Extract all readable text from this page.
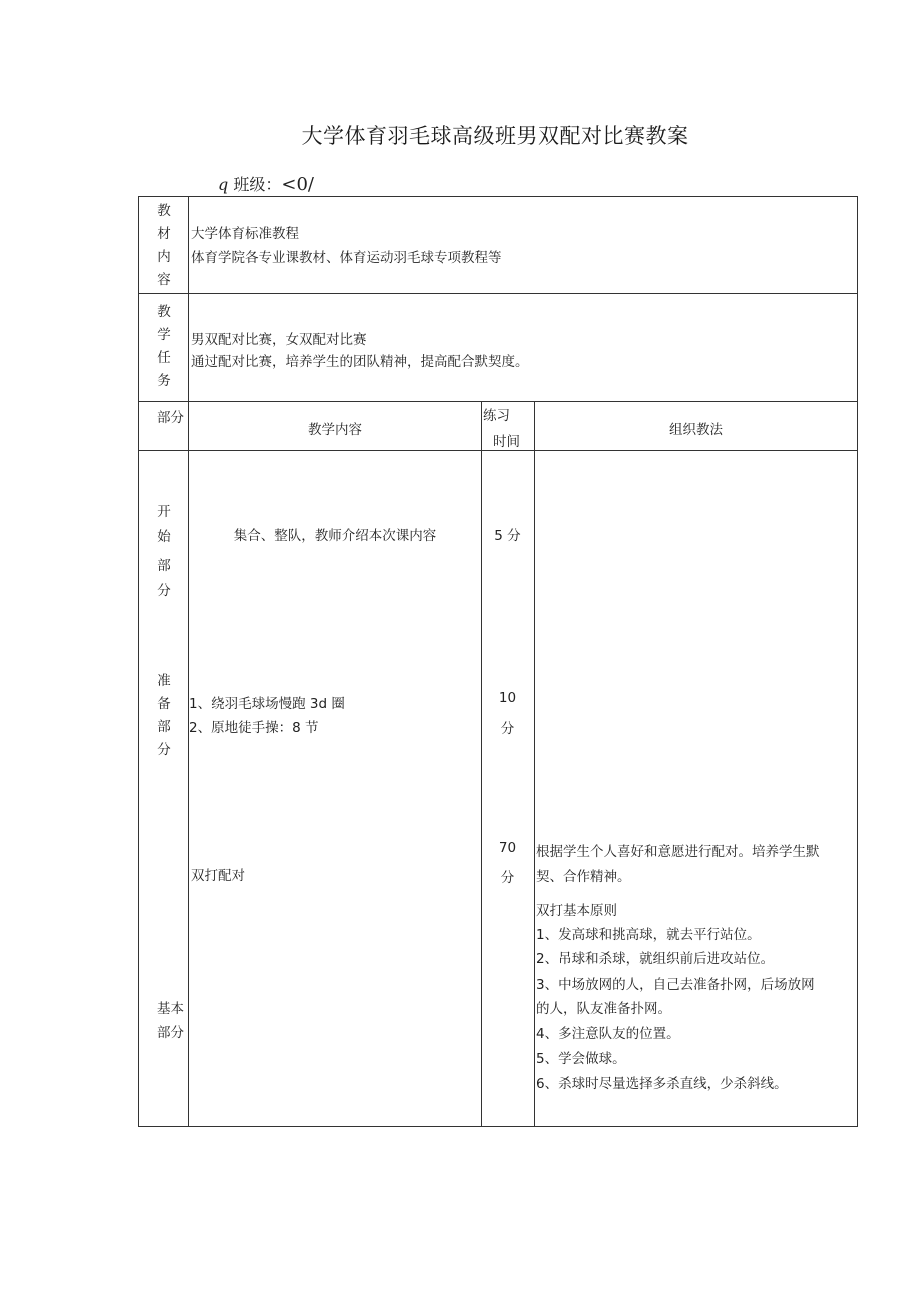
大学体育羽毛球高级班男双配对比赛教案
q 班级：<0/
教
材
内
容
大学体育标准教程
体育学院各专业课教材、体育运动羽毛球专项教程等
教
学
任
务
男双配对比赛，女双配对比赛
通过配对比赛，培养学生的团队精神，提高配合默契度。
部分
教学内容
练习
时间
组织教法
开
始
部
分
集合、整队，教师介绍本次课内容	5 分
准
备
部
分
1、绕羽毛球场慢跑 3d 圈
2、原地徒手操：8 节
10
分
基本
部分
双打配对
70
分
根据学生个人喜好和意愿进行配对。培养学生默
契、合作精神。
双打基本原则
1、发高球和挑高球，就去平行站位。
2、吊球和杀球，就组织前后进攻站位。
3、中场放网的人，自己去准备扑网，后场放网
的人，队友准备扑网。
4、多注意队友的位置。
5、学会做球。
6、杀球时尽量选择多杀直线，少杀斜线。
